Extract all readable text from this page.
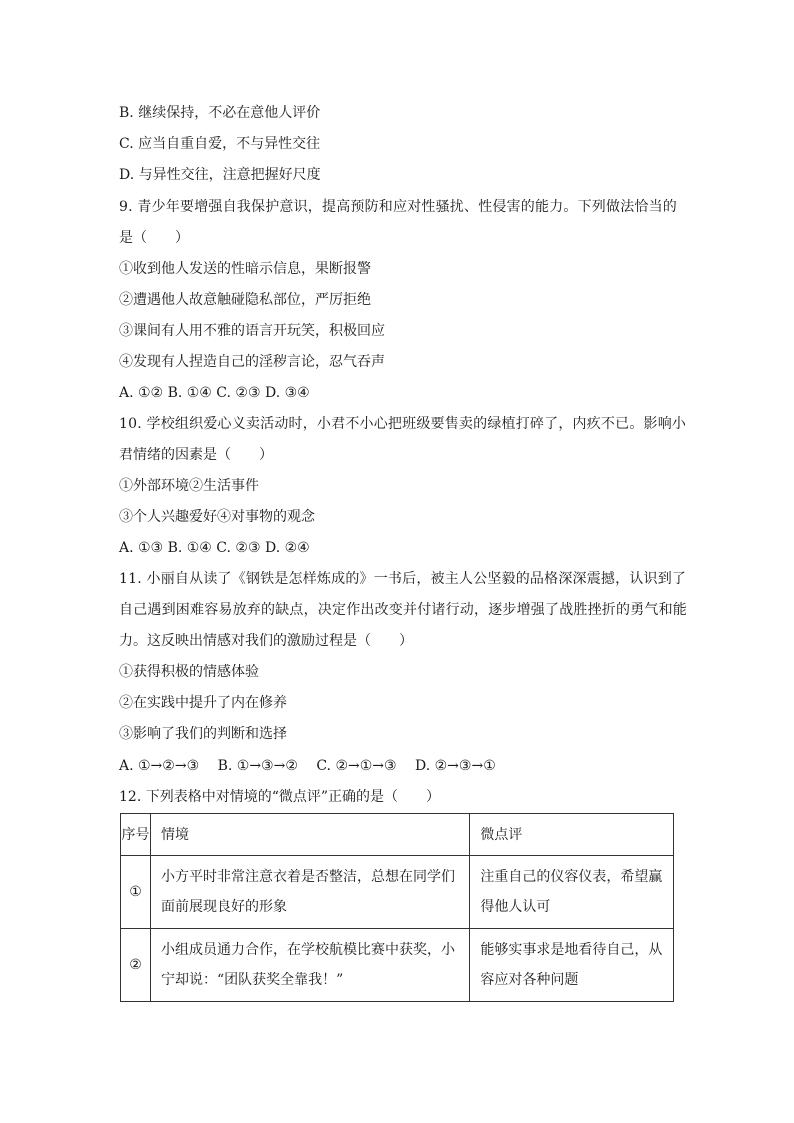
B. 继续保持，不必在意他人评价
C. 应当自重自爱，不与异性交往
D. 与异性交往，注意把握好尺度
9. 青少年要增强自我保护意识，提高预防和应对性骚扰、性侵害的能力。下列做法恰当的
是（　　）
①收到他人发送的性暗示信息，果断报警
②遭遇他人故意触碰隐私部位，严厉拒绝
③课间有人用不雅的语言开玩笑，积极回应
④发现有人捏造自己的淫秽言论，忍气吞声
A. ①② B. ①④ C. ②③ D. ③④
10. 学校组织爱心义卖活动时，小君不小心把班级要售卖的绿植打碎了，内疚不已。影响小
君情绪的因素是（　　）
①外部环境②生活事件
③个人兴趣爱好④对事物的观念
A. ①③ B. ①④ C. ②③ D. ②④
11. 小丽自从读了《钢铁是怎样炼成的》一书后，被主人公坚毅的品格深深震撼，认识到了
自己遇到困难容易放弃的缺点，决定作出改变并付诸行动，逐步增强了战胜挫折的勇气和能
力。这反映出情感对我们的激励过程是（　　）
①获得积极的情感体验
②在实践中提升了内在修养
③影响了我们的判断和选择
A. ①→②→③　 B. ①→③→②　 C. ②→①→③　 D. ②→③→①
12. 下列表格中对情境的“微点评”正确的是（　　）
序号	情境	微点评
①	小方平时非常注意衣着是否整洁，总想在同学们面前展现良好的形象	注重自己的仪容仪表，希望赢得他人认可

②	小组成员通力合作，在学校航模比赛中获奖，小宁却说：“团队获奖全靠我！”	能够实事求是地看待自己，从容应对各种问题
